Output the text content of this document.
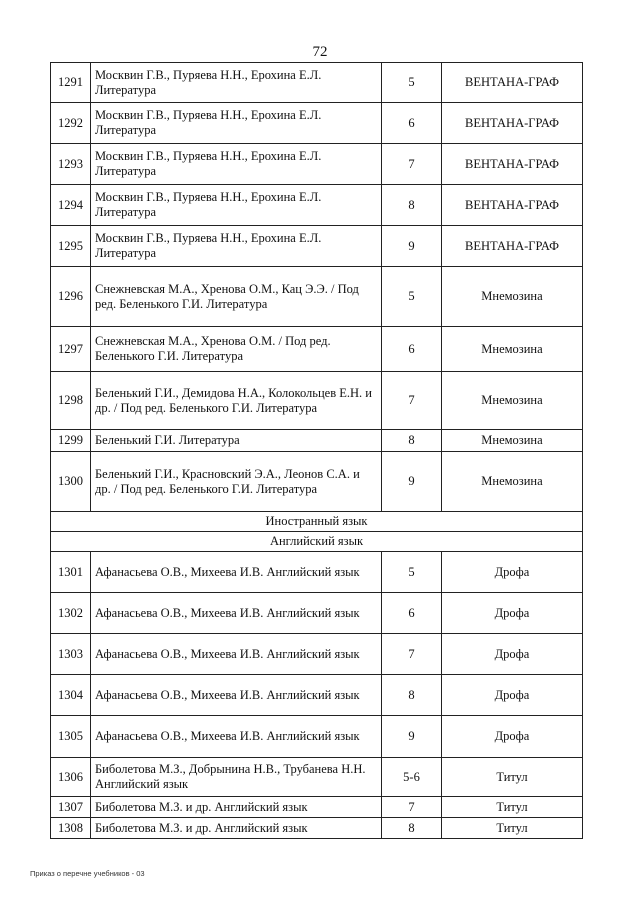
72
1291	Москвин Г.В., Пуряева Н.Н., Ерохина Е.Л. Литература	5	ВЕНТАНА-ГРАФ
1292	Москвин Г.В., Пуряева Н.Н., Ерохина Е.Л. Литература	6	ВЕНТАНА-ГРАФ
1293	Москвин Г.В., Пуряева Н.Н., Ерохина Е.Л. Литература	7	ВЕНТАНА-ГРАФ
1294	Москвин Г.В., Пуряева Н.Н., Ерохина Е.Л. Литература	8	ВЕНТАНА-ГРАФ
1295	Москвин Г.В., Пуряева Н.Н., Ерохина Е.Л. Литература	9	ВЕНТАНА-ГРАФ
1296	Снежневская М.А., Хренова О.М., Кац Э.Э. / Под ред. Беленького Г.И. Литература	5	Мнемозина
1297	Снежневская М.А., Хренова О.М. / Под ред. Беленького Г.И. Литература	6	Мнемозина
1298	Беленький Г.И., Демидова Н.А., Колокольцев Е.Н. и др. / Под ред. Беленького Г.И. Литература	7	Мнемозина
1299	Беленький Г.И. Литература	8	Мнемозина
1300	Беленький Г.И., Красновский Э.А., Леонов С.А. и др. / Под ред. Беленького Г.И. Литература	9	Мнемозина
Иностранный язык			
Английский язык			
1301	Афанасьева О.В., Михеева И.В. Английский язык	5	Дрофа
1302	Афанасьева О.В., Михеева И.В. Английский язык	6	Дрофа
1303	Афанасьева О.В., Михеева И.В. Английский язык	7	Дрофа
1304	Афанасьева О.В., Михеева И.В. Английский язык	8	Дрофа
1305	Афанасьева О.В., Михеева И.В. Английский язык	9	Дрофа
1306	Биболетова М.З., Добрынина Н.В., Трубанева Н.Н. Английский язык	5-6	Титул
1307	Биболетова М.З. и др. Английский язык	7	Титул
1308	Биболетова М.З. и др. Английский язык	8	Титул
Приказ о перечне учебников - 03
